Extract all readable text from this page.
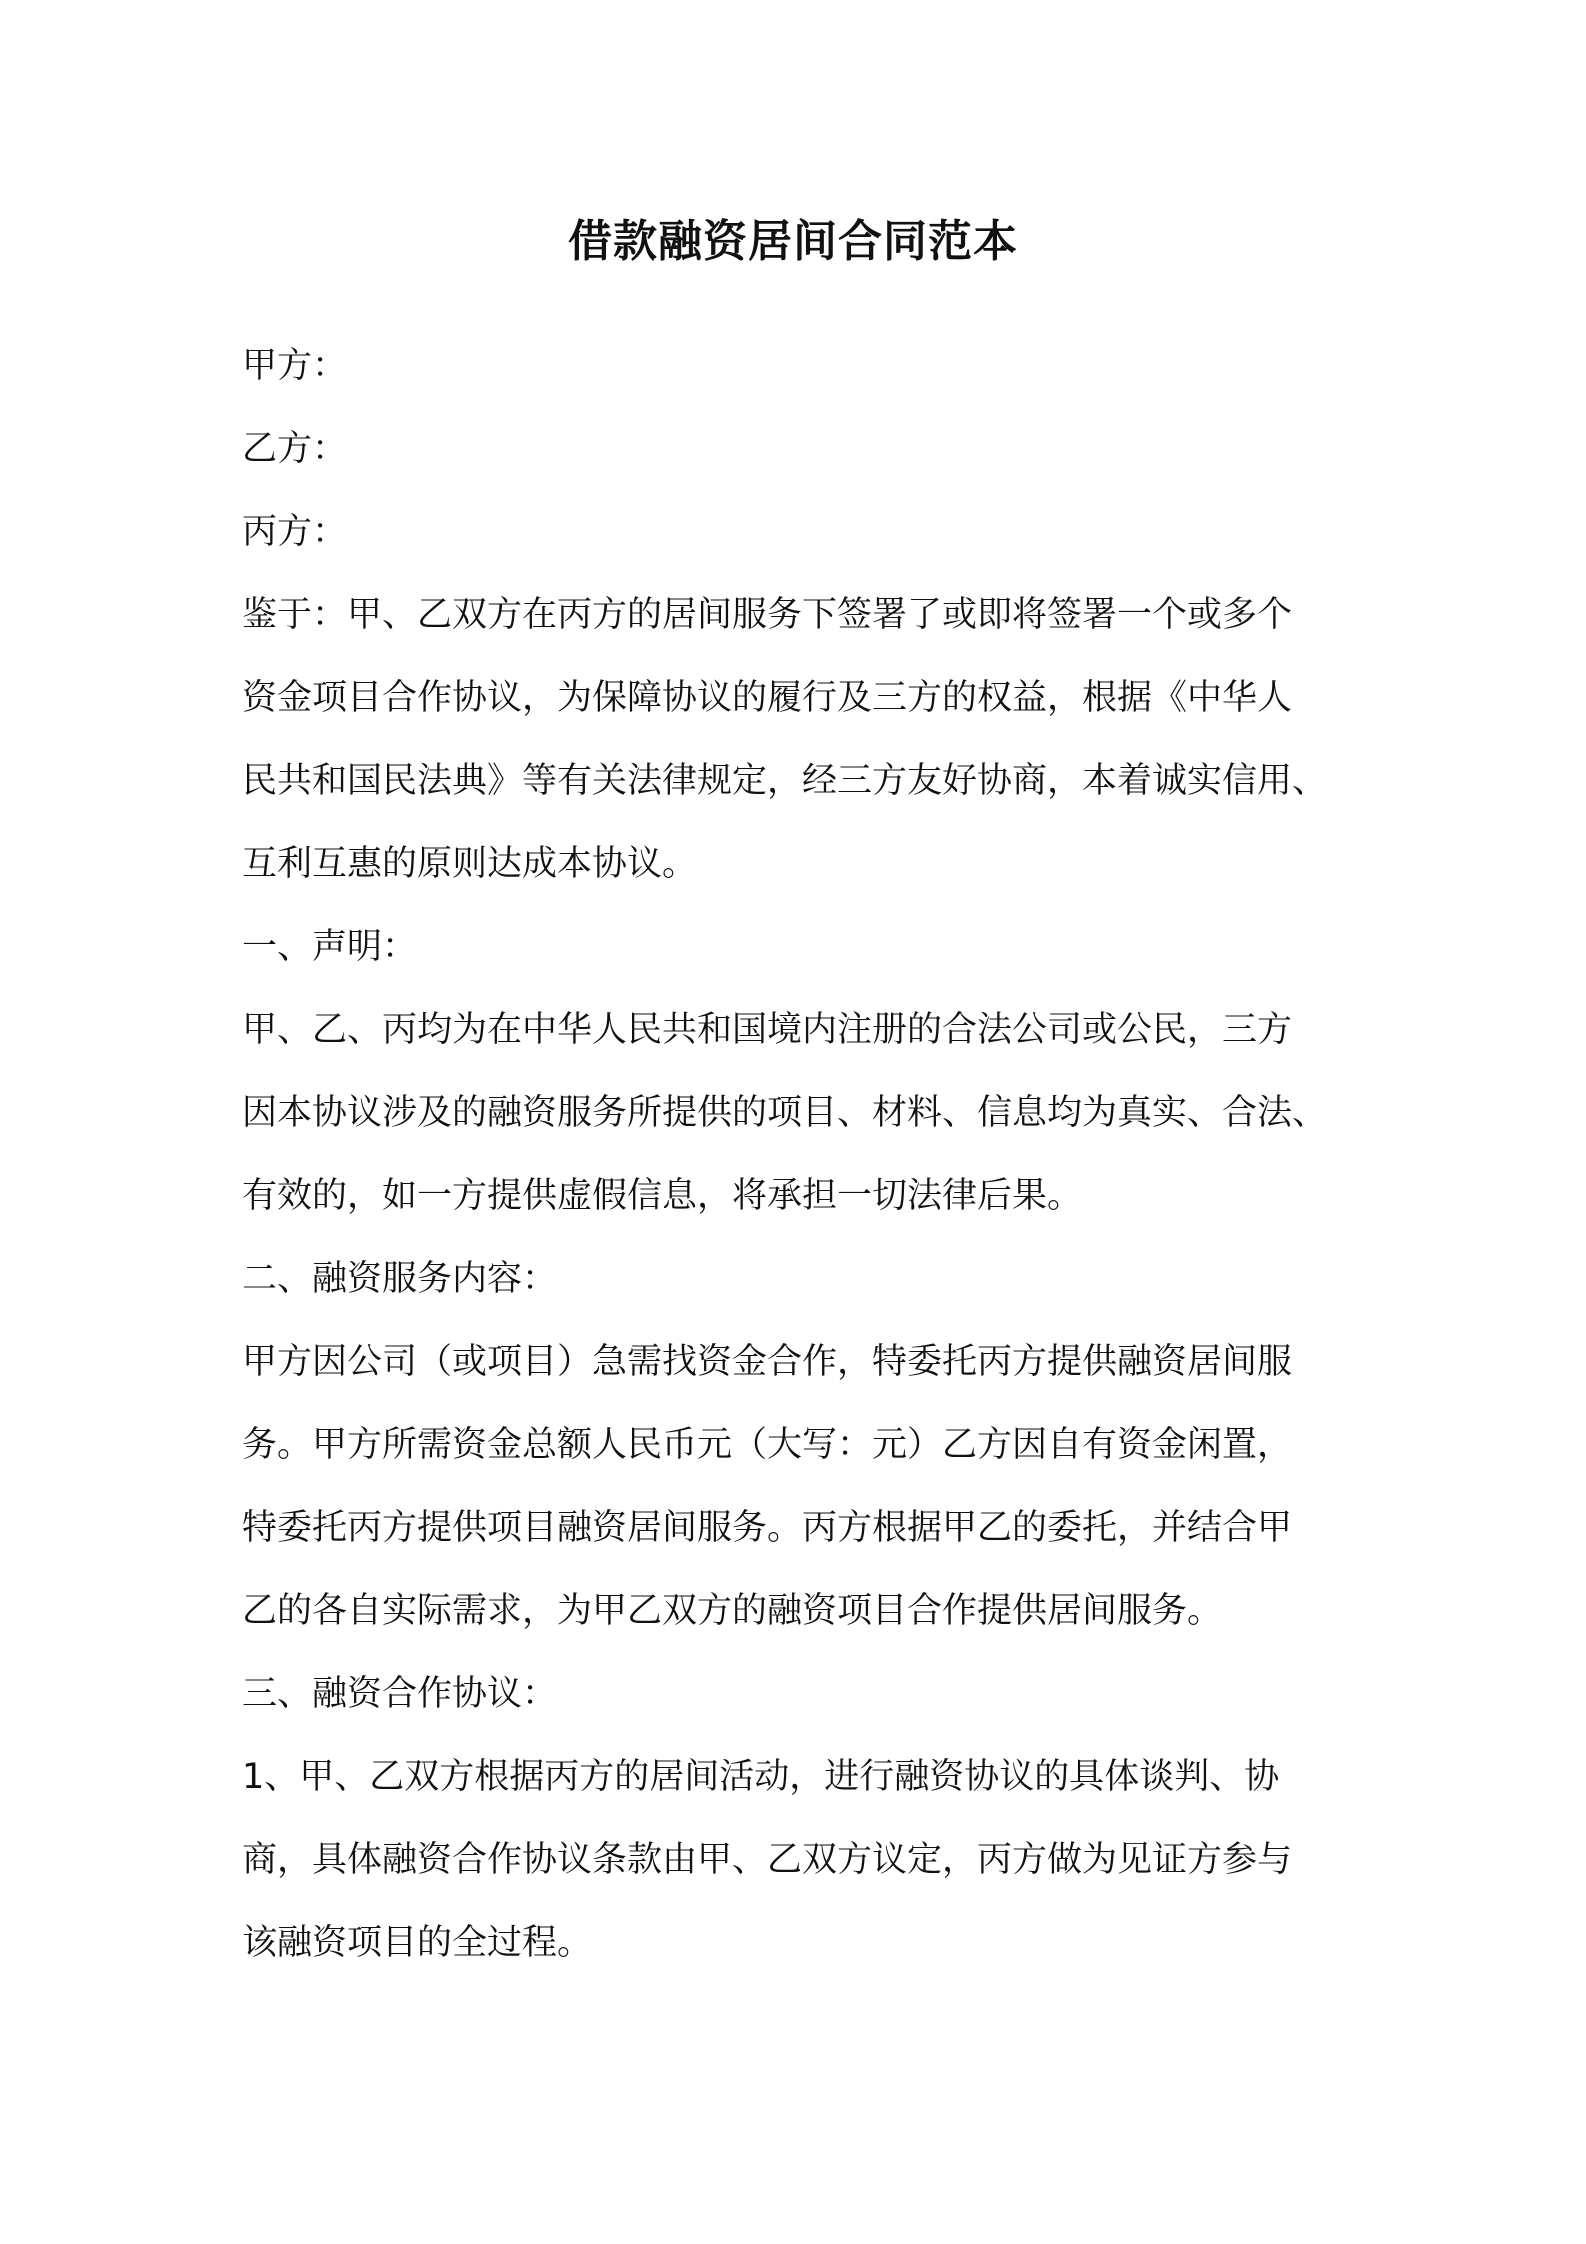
借款融资居间合同范本
甲方：
乙方：
丙方：
鉴于：甲、乙双方在丙方的居间服务下签署了或即将签署一个或多个
资金项目合作协议，为保障协议的履行及三方的权益，根据《中华人
民共和国民法典》等有关法律规定，经三方友好协商，本着诚实信用、
互利互惠的原则达成本协议。
一、声明：
甲、乙、丙均为在中华人民共和国境内注册的合法公司或公民，三方
因本协议涉及的融资服务所提供的项目、材料、信息均为真实、合法、
有效的，如一方提供虚假信息，将承担一切法律后果。
二、融资服务内容：
甲方因公司（或项目）急需找资金合作，特委托丙方提供融资居间服
务。甲方所需资金总额人民币元（大写：元）乙方因自有资金闲置，
特委托丙方提供项目融资居间服务。丙方根据甲乙的委托，并结合甲
乙的各自实际需求，为甲乙双方的融资项目合作提供居间服务。
三、融资合作协议：
1、甲、乙双方根据丙方的居间活动，进行融资协议的具体谈判、协
商，具体融资合作协议条款由甲、乙双方议定，丙方做为见证方参与
该融资项目的全过程。
